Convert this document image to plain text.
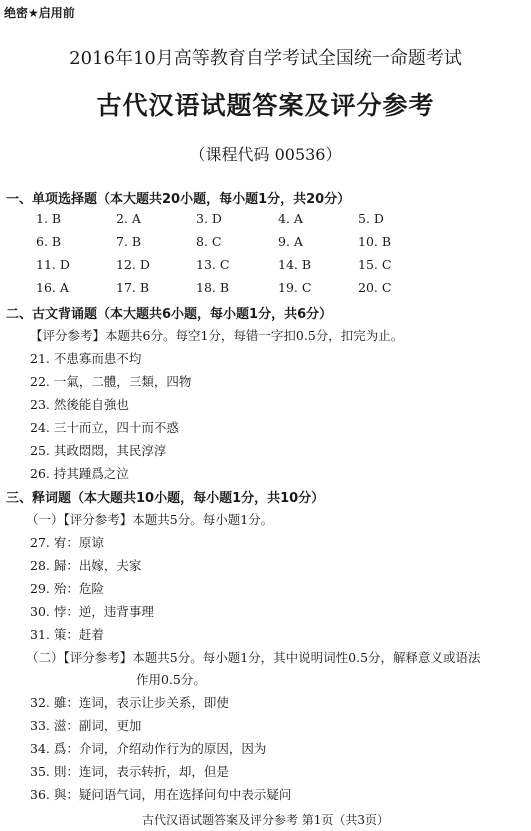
绝密★启用前
2016年10月高等教育自学考试全国统一命题考试
古代汉语试题答案及评分参考
（课程代码 00536）
一、单项选择题（本大题共20小题，每小题1分，共20分）
1. B	2. A	3. D	4. A	5. D
6. B	7. B	8. C	9. A	10. B
11. D	12. D	13. C	14. B	15. C
16. A	17. B	18. B	19. C	20. C
二、古文背诵题（本大题共6小题，每小题1分，共6分）
【评分参考】本题共6分。每空1分，每错一字扣0.5分，扣完为止。
21. 不患寡而患不均
22. 一氣，二體，三類，四物
23. 然後能自強也
24. 三十而立，四十而不惑
25. 其政悶悶，其民淳淳
26. 持其踵爲之泣
三、释词题（本大题共10小题，每小题1分，共10分）
（一）【评分参考】本题共5分。每小题1分。
27. 宥：原谅
28. 歸：出嫁，夫家
29. 殆：危险
30. 悖：逆，违背事理
31. 策：赶着
（二）【评分参考】本题共5分。每小题1分，其中说明词性0.5分，解释意义或语法
作用0.5分。
32. 雖：连词，表示让步关系，即使
33. 滋：副词，更加
34. 爲：介词，介绍动作行为的原因，因为
35. 則：连词，表示转折，却，但是
36. 與：疑问语气词，用在选择问句中表示疑问
古代汉语试题答案及评分参考 第1页（共3页）
